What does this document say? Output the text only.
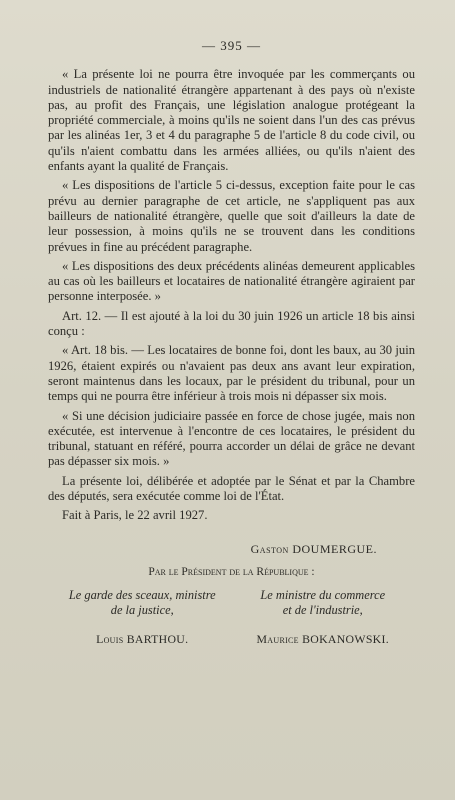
— 395 —

« La présente loi ne pourra être invoquée par les commerçants ou industriels de nationalité étrangère appartenant à des pays où n'existe pas, au profit des Français, une législation analogue protégeant la propriété commerciale, à moins qu'ils ne soient dans l'un des cas prévus par les alinéas 1er, 3 et 4 du paragraphe 5 de l'article 8 du code civil, ou qu'ils n'aient combattu dans les armées alliées, ou qu'ils n'aient des enfants ayant la qualité de Français.

« Les dispositions de l'article 5 ci-dessus, exception faite pour le cas prévu au dernier paragraphe de cet article, ne s'appliquent pas aux bailleurs de nationalité étrangère, quelle que soit d'ailleurs la date de leur possession, à moins qu'ils ne se trouvent dans les conditions prévues in fine au précédent paragraphe.

« Les dispositions des deux précédents alinéas demeurent applicables au cas où les bailleurs et locataires de nationalité étrangère agiraient par personne interposée. »

Art. 12. — Il est ajouté à la loi du 30 juin 1926 un article 18 bis ainsi conçu :

« Art. 18 bis. — Les locataires de bonne foi, dont les baux, au 30 juin 1926, étaient expirés ou n'avaient pas deux ans avant leur expiration, seront maintenus dans les locaux, par le président du tribunal, pour un temps qui ne pourra être inférieur à trois mois ni dépasser six mois.

« Si une décision judiciaire passée en force de chose jugée, mais non exécutée, est intervenue à l'encontre de ces locataires, le président du tribunal, statuant en référé, pourra accorder un délai de grâce ne devant pas dépasser six mois. »

La présente loi, délibérée et adoptée par le Sénat et par la Chambre des députés, sera exécutée comme loi de l'État.

Fait à Paris, le 22 avril 1927.

Gaston DOUMERGUE.
Par le Président de la République :
Le garde des sceaux, ministre
de la justice,
Louis BARTHOU.
Le ministre du commerce
et de l'industrie,
Maurice BOKANOWSKI.
